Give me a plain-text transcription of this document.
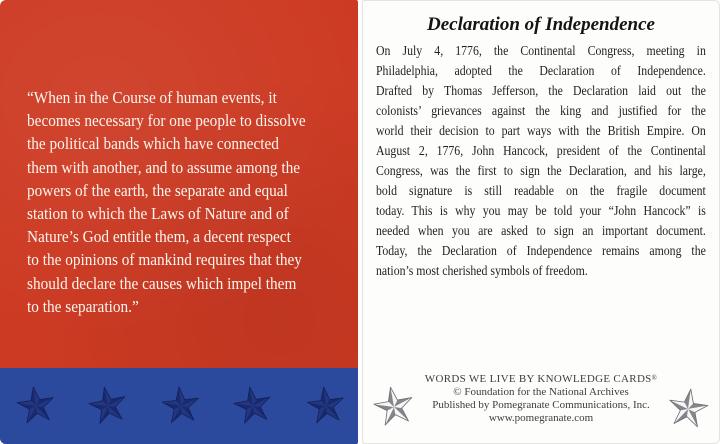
“When in the Course of human events, it
becomes necessary for one people to dissolve
the political bands which have connected
them with another, and to assume among the
powers of the earth, the separate and equal
station to which the Laws of Nature and of
Nature’s God entitle them, a decent respect
to the opinions of mankind requires that they
should declare the causes which impel them
to the separation.”
Declaration of Independence
On July 4, 1776, the Continental Congress, meeting in
Philadelphia, adopted the Declaration of Independence.
Drafted by Thomas Jefferson, the Declaration laid out the
colonists’ grievances against the king and justified for the
world their decision to part ways with the British Empire. On
August 2, 1776, John Hancock, president of the Continental
Congress, was the first to sign the Declaration, and his large,
bold signature is still readable on the fragile document
today. This is why you may be told your “John Hancock” is
needed when you are asked to sign an important document.
Today, the Declaration of Independence remains among the
nation’s most cherished symbols of freedom.
WORDS WE LIVE BY KNOWLEDGE CARDS®
© Foundation for the National Archives
Published by Pomegranate Communications, Inc.
www.pomegranate.com
